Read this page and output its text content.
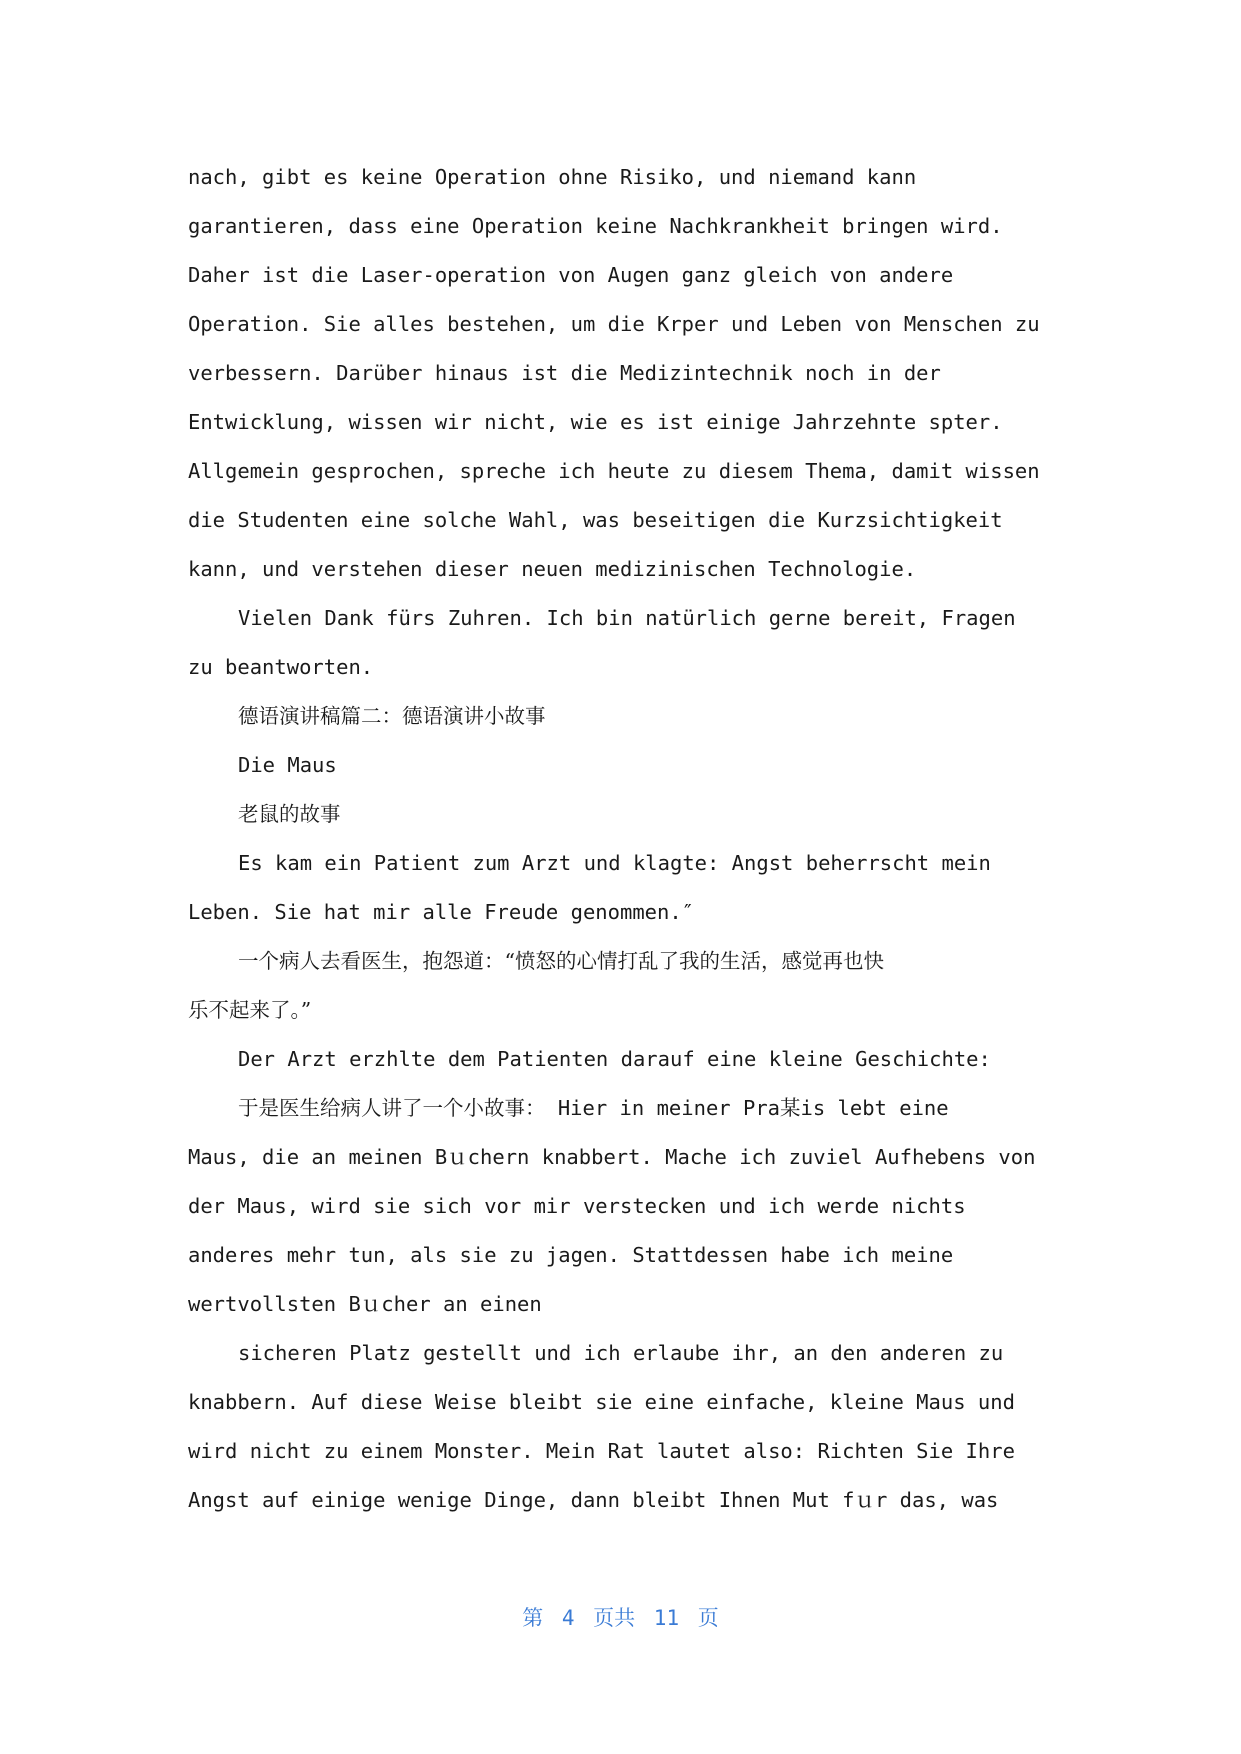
nach, gibt es keine Operation ohne Risiko, und niemand kann
garantieren, dass eine Operation keine Nachkrankheit bringen wird.
Daher ist die Laser-operation von Augen ganz gleich von andere
Operation. Sie alles bestehen, um die Krper und Leben von Menschen zu
verbessern. Darüber hinaus ist die Medizintechnik noch in der
Entwicklung, wissen wir nicht, wie es ist einige Jahrzehnte spter.
Allgemein gesprochen, spreche ich heute zu diesem Thema, damit wissen
die Studenten eine solche Wahl, was beseitigen die Kurzsichtigkeit
kann, und verstehen dieser neuen medizinischen Technologie.
Vielen Dank fürs Zuhren. Ich bin natürlich gerne bereit, Fragen
zu beantworten.
德语演讲稿篇二：德语演讲小故事
Die Maus
老鼠的故事
Es kam ein Patient zum Arzt und klagte: Angst beherrscht mein
Leben. Sie hat mir alle Freude genommen.″
一个病人去看医生，抱怨道：“愤怒的心情打乱了我的生活，感觉再也快
乐不起来了。”
Der Arzt erzhlte dem Patienten darauf eine kleine Geschichte:
于是医生给病人讲了一个小故事： Hier in meiner Pra某is lebt eine
Maus, die an meinen Bｕchern knabbert. Mache ich zuviel Aufhebens von
der Maus, wird sie sich vor mir verstecken und ich werde nichts
anderes mehr tun, als sie zu jagen. Stattdessen habe ich meine
wertvollsten Bｕcher an einen
sicheren Platz gestellt und ich erlaube ihr, an den anderen zu
knabbern. Auf diese Weise bleibt sie eine einfache, kleine Maus und
wird nicht zu einem Monster. Mein Rat lautet also: Richten Sie Ihre
Angst auf einige wenige Dinge, dann bleibt Ihnen Mut fｕr das, was
第 4 页共 11 页
